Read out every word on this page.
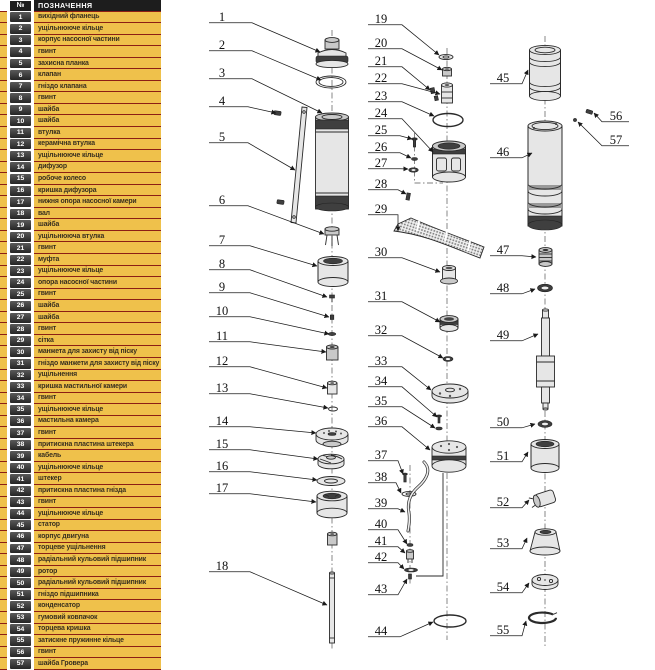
№	ПОЗНАЧЕННЯ
1	вихідний фланець
2	ущільнююче кільце
3	корпус насосної частини
4	гвинт
5	захисна планка
6	клапан
7	гніздо клапана
8	гвинт
9	шайба
10	шайба
11	втулка
12	керамічна втулка
13	ущільнююче кільце
14	дифузор
15	робоче колесо
16	кришка дифузора
17	нижня опора насосної камери
18	вал
19	шайба
20	ущільнююча втулка
21	гвинт
22	муфта
23	ущільнююче кільце
24	опора насосної частини
25	гвинт
26	шайба
27	шайба
28	гвинт
29	сітка
30	манжета для захисту від піску
31	гніздо манжети для захисту від піску
32	ущільнення
33	кришка мастильної камери
34	гвинт
35	ущільнююче кільце
36	мастильна камера
37	гвинт
38	притискна пластина штекера
39	кабель
40	ущільнююче кільце
41	штекер
42	притискна пластина гнізда
43	гвинт
44	ущільнююче кільце
45	статор
46	корпус двигуна
47	торцеве ущільнення
48	радіальний кульовий підшипник
49	ротор
50	радіальний кульовий підшипник
51	гніздо підшипника
52	конденсатор
53	гумовий ковпачок
54	торцева кришка
55	затискне пружинне кільце
56	гвинт
57	шайба Гровера
1
2
3
4
5
6
7
8
9
10
11
12
13
14
15
16
17
18
19
20
21
22
23
24
25
26
27
28
29
30
31
32
33
34
35
36
37
38
39
40
41
42
43
44
45
46
47
48
49
50
51
52
53
54
55
56
57
